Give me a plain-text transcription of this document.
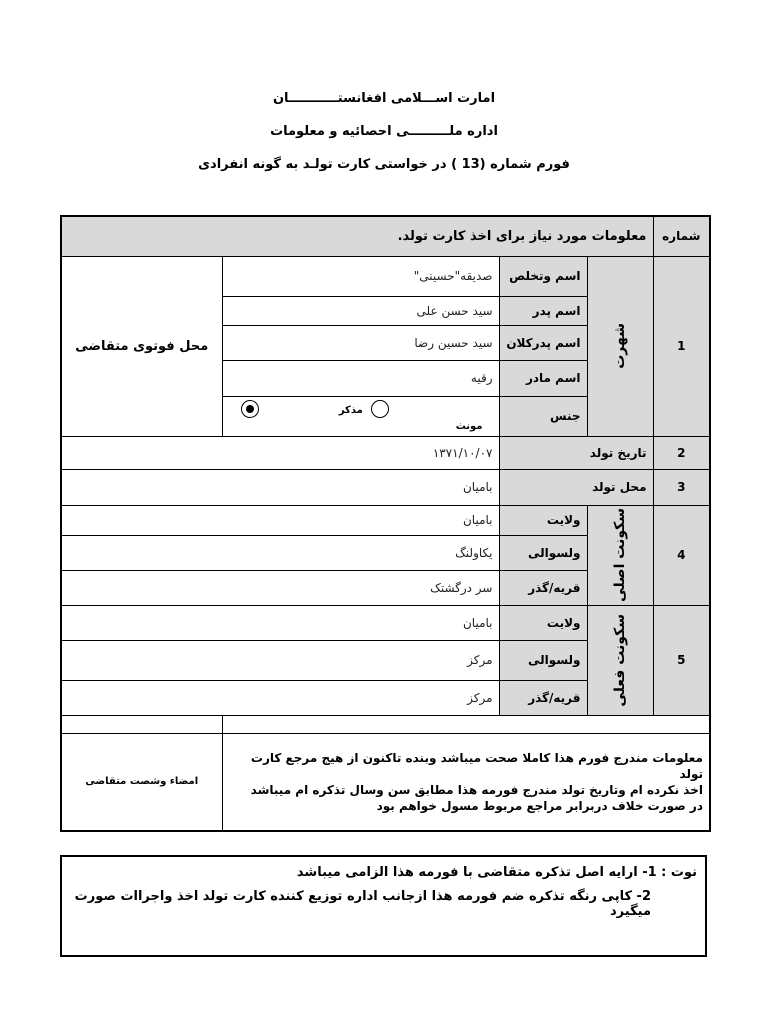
امارت اســـلامی افغانستـــــــــــان
اداره ملـــــــــی احصائیه و معلومات
فورم شماره (13 ) در خواستی کارت تولـد به گونه انفرادی
شماره	معلومات مورد نیاز برای اخذ کارت تولد.			
1	شهرت	اسم وتخلص	صدیقه"حسینی"	محل فوتوی متقاضی
		اسم پدر	سید حسن علی	
		اسم پدرکلان	سید حسین رضا	
		اسم مادر	رقیه	
		جنس	مذکر   مونث	
2	تاریخ تولد		۱۳۷۱/۱۰/۰۷	
3	محل تولد		بامیان	
4	سکونت اصلی	ولایت	بامیان	
		ولسوالی	یکاولنگ	
		قریه/گذر	سر درگشتک	
5	سکونت فعلی	ولایت	بامیان	
		ولسوالی	مرکز	
		قریه/گذر	مرکز	

معلومات مندرج فورم هذا کاملا صحت میباشد وبنده تاکنون از هیج مرجع کارت تولد
اخذ نکرده ام وتاریخ تولد مندرج فورمه هذا مطابق سن وسال تذکره ام میباشد
در صورت خلاف دربرابر مراجع مربوط مسول خواهم بود				امضاء وشصت متقاضی
نوت : 1- ارایه اصل تذکره متقاضی با فورمه هذا الزامی میباشد
2- کاپی رنگه تذکره ضم فورمه هذا ازجانب اداره توزیع کننده کارت تولد اخذ واجراات صورت میگیرد
